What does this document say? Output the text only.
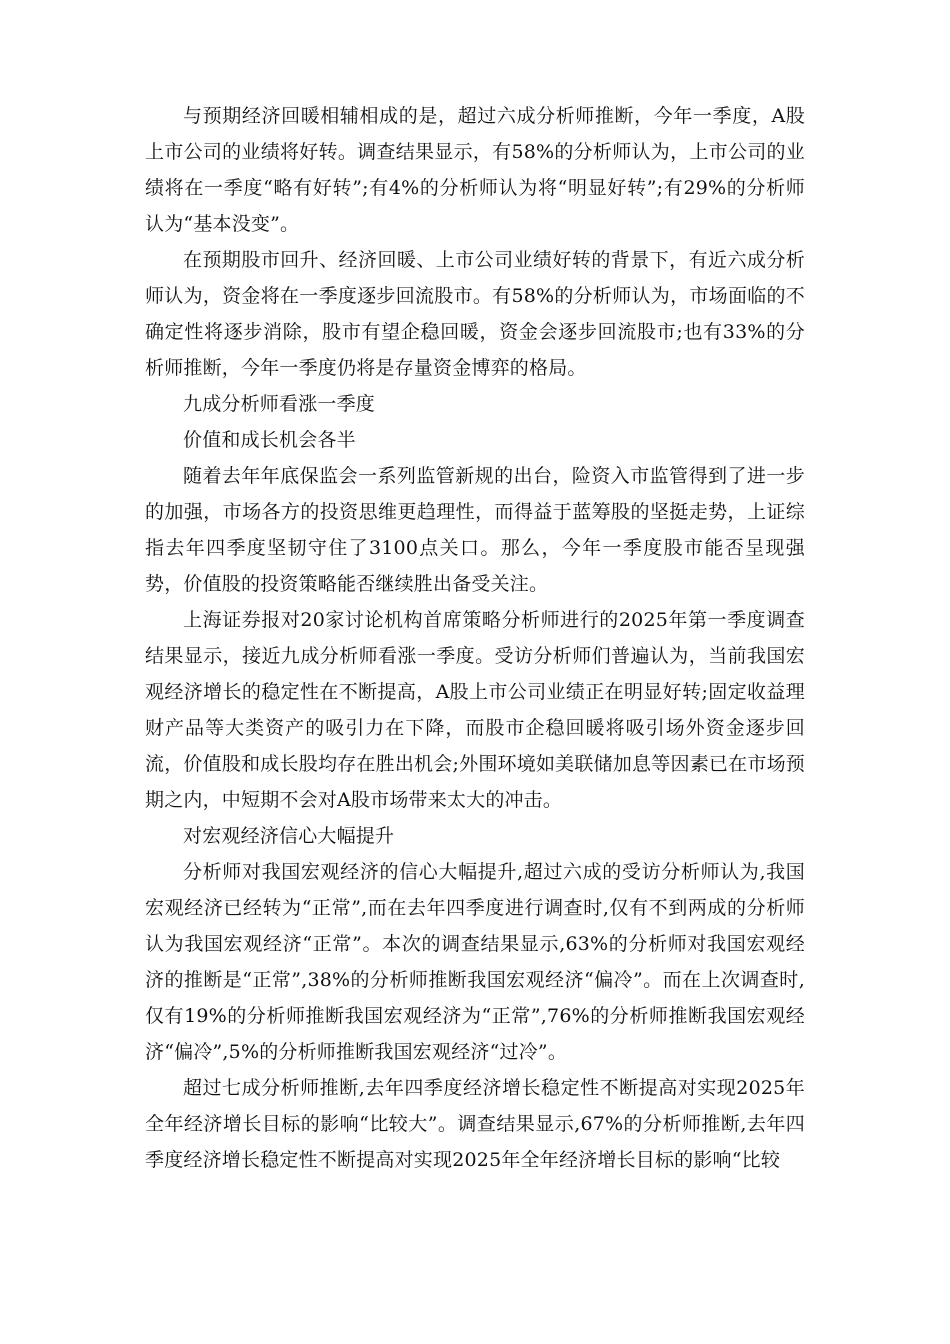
与预期经济回暖相辅相成的是，超过六成分析师推断，今年一季度，A股上市公司的业绩将好转。调查结果显示，有58%的分析师认为，上市公司的业绩将在一季度“略有好转”;有4%的分析师认为将“明显好转”;有29%的分析师认为“基本没变”。

在预期股市回升、经济回暖、上市公司业绩好转的背景下，有近六成分析师认为，资金将在一季度逐步回流股市。有58%的分析师认为，市场面临的不确定性将逐步消除，股市有望企稳回暖，资金会逐步回流股市;也有33%的分析师推断，今年一季度仍将是存量资金博弈的格局。

九成分析师看涨一季度

价值和成长机会各半

随着去年年底保监会一系列监管新规的出台，险资入市监管得到了进一步的加强，市场各方的投资思维更趋理性，而得益于蓝筹股的坚挺走势，上证综指去年四季度坚韧守住了3100点关口。那么，今年一季度股市能否呈现强势，价值股的投资策略能否继续胜出备受关注。

上海证券报对20家讨论机构首席策略分析师进行的2025年第一季度调查结果显示，接近九成分析师看涨一季度。受访分析师们普遍认为，当前我国宏观经济增长的稳定性在不断提高，A股上市公司业绩正在明显好转;固定收益理财产品等大类资产的吸引力在下降，而股市企稳回暖将吸引场外资金逐步回流，价值股和成长股均存在胜出机会;外围环境如美联储加息等因素已在市场预期之内，中短期不会对A股市场带来太大的冲击。

对宏观经济信心大幅提升

分析师对我国宏观经济的信心大幅提升,超过六成的受访分析师认为,我国宏观经济已经转为“正常”,而在去年四季度进行调查时,仅有不到两成的分析师认为我国宏观经济“正常”。本次的调查结果显示,63%的分析师对我国宏观经济的推断是“正常”,38%的分析师推断我国宏观经济“偏冷”。而在上次调查时,仅有19%的分析师推断我国宏观经济为“正常”,76%的分析师推断我国宏观经济“偏冷”,5%的分析师推断我国宏观经济“过冷”。

超过七成分析师推断,去年四季度经济增长稳定性不断提高对实现2025年全年经济增长目标的影响“比较大”。调查结果显示,67%的分析师推断,去年四季度经济增长稳定性不断提高对实现2025年全年经济增长目标的影响“比较
